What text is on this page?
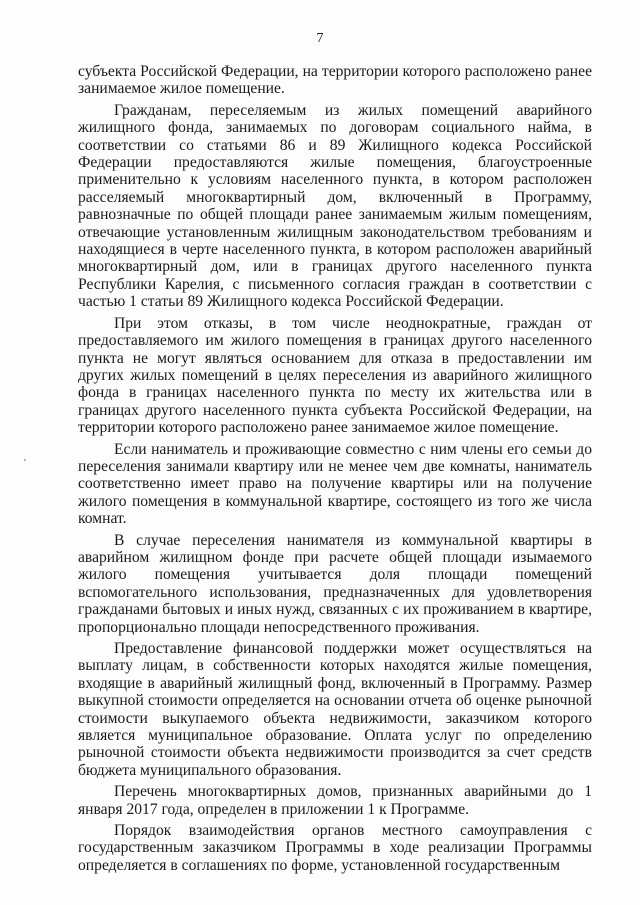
7
'

субъекта Российской Федерации, на территории которого расположено ранее занимаемое жилое помещение.

Гражданам, переселяемым из жилых помещений аварийного жилищного фонда, занимаемых по договорам социального найма, в соответствии со статьями 86 и 89 Жилищного кодекса Российской Федерации предоставляются жилые помещения, благоустроенные применительно к условиям населенного пункта, в котором расположен расселяемый многоквартирный дом, включенный в Программу, равнозначные по общей площади ранее занимаемым жилым помещениям, отвечающие установленным жилищным законодательством требованиям и находящиеся в черте населенного пункта, в котором расположен аварийный многоквартирный дом, или в границах другого населенного пункта Республики Карелия, с письменного согласия граждан в соответствии с частью 1 статьи 89 Жилищного кодекса Российской Федерации.

При этом отказы, в том числе неоднократные, граждан от предоставляемого им жилого помещения в границах другого населенного пункта не могут являться основанием для отказа в предоставлении им других жилых помещений в целях переселения из аварийного жилищного фонда в границах населенного пункта по месту их жительства или в границах другого населенного пункта субъекта Российской Федерации, на территории которого расположено ранее занимаемое жилое помещение.

Если наниматель и проживающие совместно с ним члены его семьи до переселения занимали квартиру или не менее чем две комнаты, наниматель соответственно имеет право на получение квартиры или на получение жилого помещения в коммунальной квартире, состоящего из того же числа комнат.

В случае переселения нанимателя из коммунальной квартиры в аварийном жилищном фонде при расчете общей площади изымаемого жилого помещения учитывается доля площади помещений вспомогательного использования, предназначенных для удовлетворения гражданами бытовых и иных нужд, связанных с их проживанием в квартире, пропорционально площади непосредственного проживания.

Предоставление финансовой поддержки может осуществляться на выплату лицам, в собственности которых находятся жилые помещения, входящие в аварийный жилищный фонд, включенный в Программу. Размер выкупной стоимости определяется на основании отчета об оценке рыночной стоимости выкупаемого объекта недвижимости, заказчиком которого является муниципальное образование. Оплата услуг по определению рыночной стоимости объекта недвижимости производится за счет средств бюджета муниципального образования.

Перечень многоквартирных домов, признанных аварийными до 1 января 2017 года, определен в приложении 1 к Программе.

Порядок взаимодействия органов местного самоуправления с государственным заказчиком Программы в ходе реализации Программы определяется в соглашениях по форме, установленной государственным
